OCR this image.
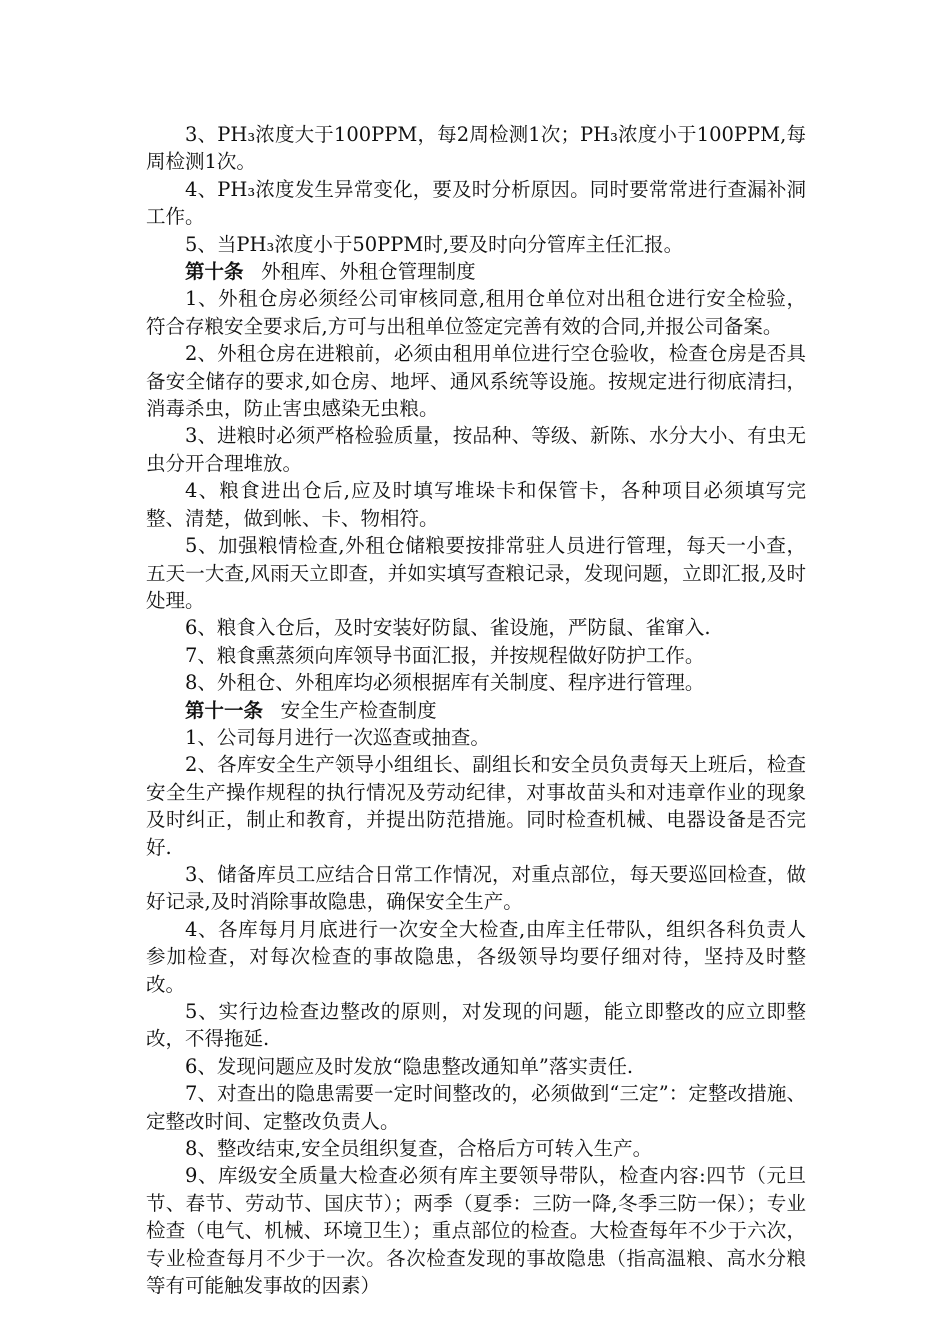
3、PH₃浓度大于100PPM，每2周检测1次；PH₃浓度小于100PPM,每周检测1次。

4、PH₃浓度发生异常变化，要及时分析原因。同时要常常进行查漏补洞工作。

5、当PH₃浓度小于50PPM时,要及时向分管库主任汇报。

第十条 外租库、外租仓管理制度

1、外租仓房必须经公司审核同意,租用仓单位对出租仓进行安全检验，符合存粮安全要求后,方可与出租单位签定完善有效的合同,并报公司备案。

2、外租仓房在进粮前，必须由租用单位进行空仓验收，检查仓房是否具备安全储存的要求,如仓房、地坪、通风系统等设施。按规定进行彻底清扫，消毒杀虫，防止害虫感染无虫粮。

3、进粮时必须严格检验质量，按品种、等级、新陈、水分大小、有虫无虫分开合理堆放。

4、粮食进出仓后,应及时填写堆垛卡和保管卡，各种项目必须填写完整、清楚，做到帐、卡、物相符。

5、加强粮情检查,外租仓储粮要按排常驻人员进行管理，每天一小查，五天一大查,风雨天立即查，并如实填写查粮记录，发现问题，立即汇报,及时处理。

6、粮食入仓后，及时安装好防鼠、雀设施，严防鼠、雀窜入.

7、粮食熏蒸须向库领导书面汇报，并按规程做好防护工作。

8、外租仓、外租库均必须根据库有关制度、程序进行管理。

第十一条 安全生产检查制度

1、公司每月进行一次巡查或抽查。

2、各库安全生产领导小组组长、副组长和安全员负责每天上班后，检查安全生产操作规程的执行情况及劳动纪律，对事故苗头和对违章作业的现象及时纠正，制止和教育，并提出防范措施。同时检查机械、电器设备是否完好.

3、储备库员工应结合日常工作情况，对重点部位，每天要巡回检查，做好记录,及时消除事故隐患，确保安全生产。

4、各库每月月底进行一次安全大检查,由库主任带队，组织各科负责人参加检查，对每次检查的事故隐患，各级领导均要仔细对待，坚持及时整改。

5、实行边检查边整改的原则，对发现的问题，能立即整改的应立即整改，不得拖延.

6、发现问题应及时发放“隐患整改通知单”落实责任.

7、对查出的隐患需要一定时间整改的，必须做到“三定”：定整改措施、定整改时间、定整改负责人。

8、整改结束,安全员组织复查，合格后方可转入生产。

9、库级安全质量大检查必须有库主要领导带队，检查内容:四节（元旦节、春节、劳动节、国庆节）；两季（夏季：三防一降,冬季三防一保）；专业检查（电气、机械、环境卫生）；重点部位的检查。大检查每年不少于六次，专业检查每月不少于一次。各次检查发现的事故隐患（指高温粮、高水分粮等有可能触发事故的因素）
